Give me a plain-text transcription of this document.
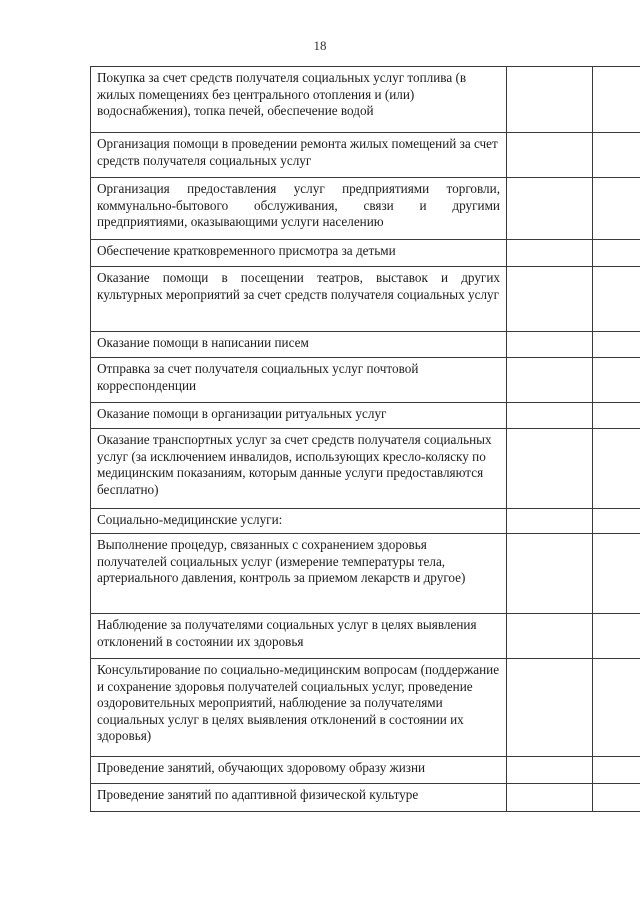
18
Покупка за счет средств получателя социальных услуг топлива (в жилых помещениях без центрального отопления и (или) водоснабжения), топка печей, обеспечение водой		
Организация помощи в проведении ремонта жилых помещений за счет средств получателя социальных услуг		
Организация предоставления услуг предприятиями торговли, коммунально-бытового обслуживания, связи и другими предприятиями, оказывающими услуги населению		
Обеспечение кратковременного присмотра за детьми		
Оказание помощи в посещении театров, выставок и других культурных мероприятий за счет средств получателя социальных услуг		
Оказание помощи в написании писем		
Отправка за счет получателя социальных услуг почтовой корреспонденции		
Оказание помощи в организации ритуальных услуг		
Оказание транспортных услуг за счет средств получателя социальных услуг (за исключением инвалидов, использующих кресло-коляску по медицинским показаниям, которым данные услуги предоставляются бесплатно)		
Социально-медицинские услуги:		
Выполнение процедур, связанных с сохранением здоровья получателей социальных услуг (измерение температуры тела, артериального давления, контроль за приемом лекарств и другое)		
Наблюдение за получателями социальных услуг в целях выявления отклонений в состоянии их здоровья		
Консультирование по социально-медицинским вопросам (поддержание и сохранение здоровья получателей социальных услуг, проведение оздоровительных мероприятий, наблюдение за получателями социальных услуг в целях выявления отклонений в состоянии их здоровья)		
Проведение занятий, обучающих здоровому образу жизни		
Проведение занятий по адаптивной физической культуре		
